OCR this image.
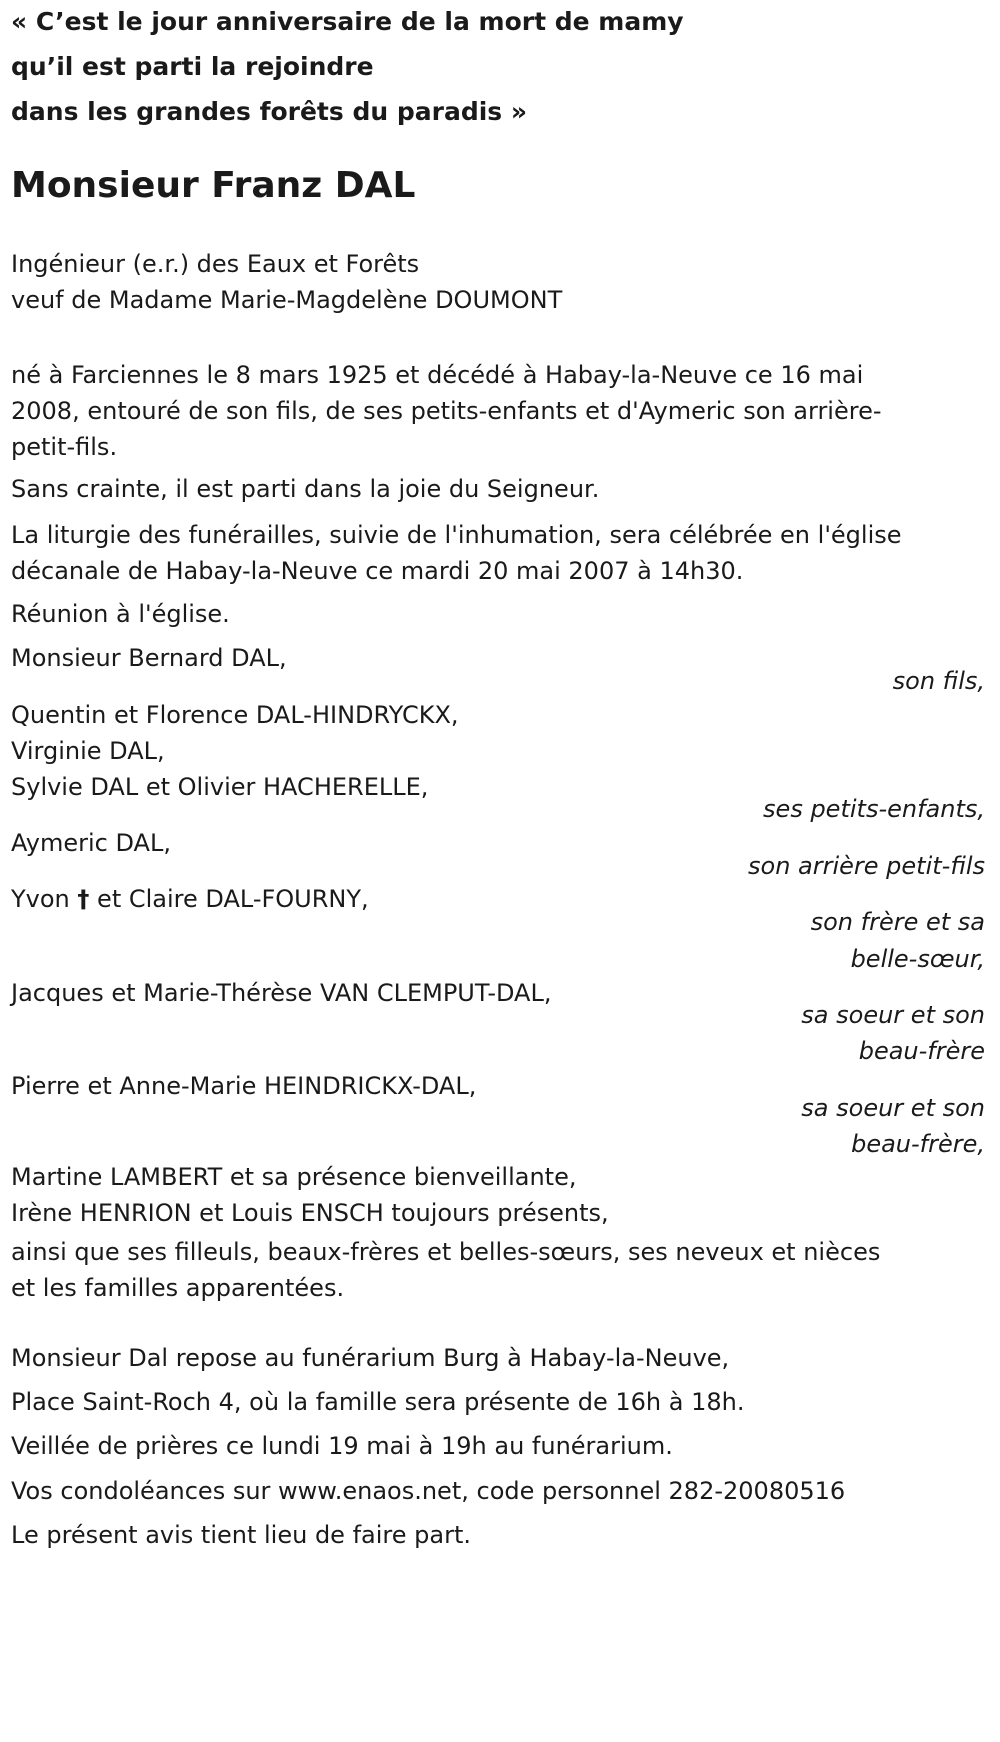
« C’est le jour anniversaire de la mort de mamy
qu’il est parti la rejoindre
dans les grandes forêts du paradis »
Monsieur Franz DAL
Ingénieur (e.r.) des Eaux et Forêts
veuf de Madame Marie-Magdelène DOUMONT
né à Farciennes le 8 mars 1925 et décédé à Habay-la-Neuve ce 16 mai 2008, entouré de son fils, de ses petits-enfants et d'Aymeric son arrière-petit-fils.
Sans crainte, il est parti dans la joie du Seigneur.
La liturgie des funérailles, suivie de l'inhumation, sera célébrée en l'église décanale de Habay-la-Neuve ce mardi 20 mai 2007 à 14h30.
Réunion à l'église.
Monsieur Bernard DAL,
son fils,
Quentin et Florence DAL-HINDRYCKX,
Virginie DAL,
Sylvie DAL et Olivier HACHERELLE,
ses petits-enfants,
Aymeric DAL,
son arrière petit-fils
Yvon † et Claire DAL-FOURNY,
son frère et sa
belle-sœur,
Jacques et Marie-Thérèse VAN CLEMPUT-DAL,
sa soeur et son
beau-frère
Pierre et Anne-Marie HEINDRICKX-DAL,
sa soeur et son
beau-frère,
Martine LAMBERT et sa présence bienveillante,
Irène HENRION et Louis ENSCH toujours présents,
ainsi que ses filleuls, beaux-frères et belles-sœurs, ses neveux et nièces et les familles apparentées.
Monsieur Dal repose au funérarium Burg à Habay-la-Neuve,
Place Saint-Roch 4, où la famille sera présente de 16h à 18h.
Veillée de prières ce lundi 19 mai à 19h au funérarium.
Vos condoléances sur www.enaos.net, code personnel 282-20080516
Le présent avis tient lieu de faire part.
